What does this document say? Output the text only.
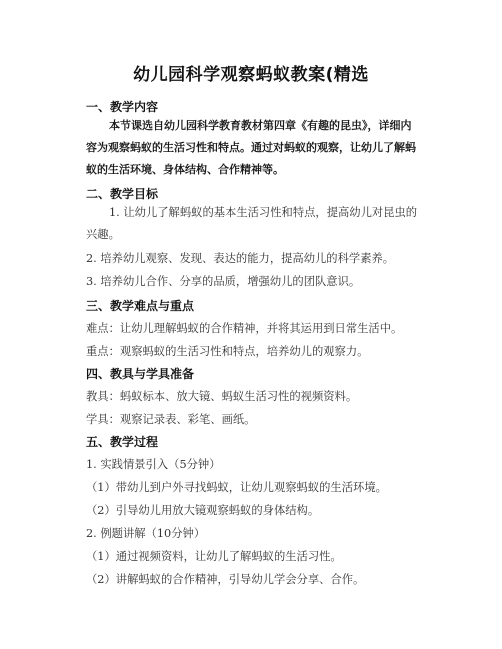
幼儿园科学观察蚂蚁教案(精选
一、教学内容
本节课选自幼儿园科学教育教材第四章《有趣的昆虫》，详细内容为观察蚂蚁的生活习性和特点。通过对蚂蚁的观察，让幼儿了解蚂蚁的生活环境、身体结构、合作精神等。
二、教学目标
1. 让幼儿了解蚂蚁的基本生活习性和特点，提高幼儿对昆虫的兴趣。
2. 培养幼儿观察、发现、表达的能力，提高幼儿的科学素养。
3. 培养幼儿合作、分享的品质，增强幼儿的团队意识。
三、教学难点与重点
难点：让幼儿理解蚂蚁的合作精神，并将其运用到日常生活中。
重点：观察蚂蚁的生活习性和特点，培养幼儿的观察力。
四、教具与学具准备
教具：蚂蚁标本、放大镜、蚂蚁生活习性的视频资料。
学具：观察记录表、彩笔、画纸。
五、教学过程
1. 实践情景引入（5分钟）
（1）带幼儿到户外寻找蚂蚁，让幼儿观察蚂蚁的生活环境。
（2）引导幼儿用放大镜观察蚂蚁的身体结构。
2. 例题讲解（10分钟）
（1）通过视频资料，让幼儿了解蚂蚁的生活习性。
（2）讲解蚂蚁的合作精神，引导幼儿学会分享、合作。
